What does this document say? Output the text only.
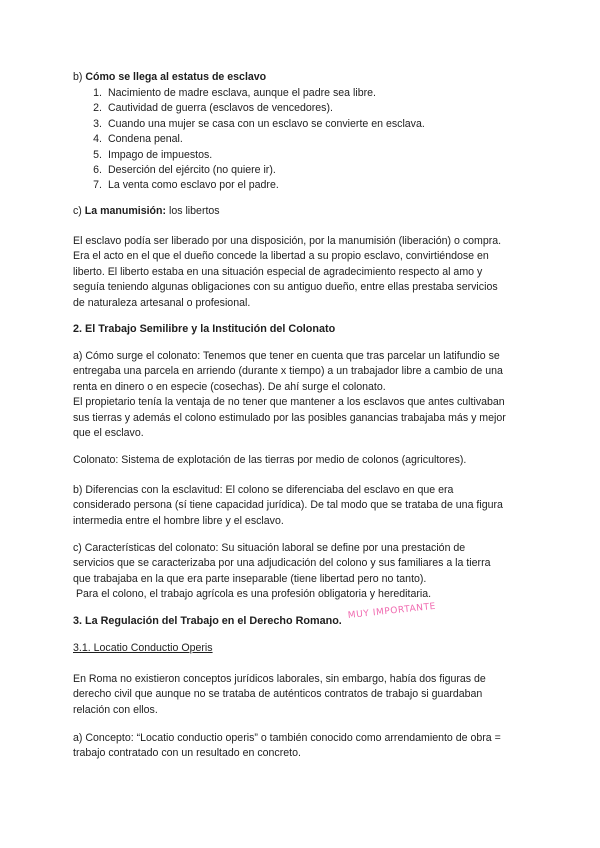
b) Cómo se llega al estatus de esclavo

1. Nacimiento de madre esclava, aunque el padre sea libre.
2. Cautividad de guerra (esclavos de vencedores).
3. Cuando una mujer se casa con un esclavo se convierte en esclava.
4. Condena penal.
5. Impago de impuestos.
6. Deserción del ejército (no quiere ir).
7. La venta como esclavo por el padre.

c) La manumisión: los libertos

El esclavo podía ser liberado por una disposición, por la manumisión (liberación) o compra.
Era el acto en el que el dueño concede la libertad a su propio esclavo, convirtiéndose en
liberto. El liberto estaba en una situación especial de agradecimiento respecto al amo y
seguía teniendo algunas obligaciones con su antiguo dueño, entre ellas prestaba servicios
de naturaleza artesanal o profesional.

2. El Trabajo Semilibre y la Institución del Colonato

a) Cómo surge el colonato: Tenemos que tener en cuenta que tras parcelar un latifundio se
entregaba una parcela en arriendo (durante x tiempo) a un trabajador libre a cambio de una
renta en dinero o en especie (cosechas). De ahí surge el colonato.
El propietario tenía la ventaja de no tener que mantener a los esclavos que antes cultivaban
sus tierras y además el colono estimulado por las posibles ganancias trabajaba más y mejor
que el esclavo.

Colonato: Sistema de explotación de las tierras por medio de colonos (agricultores).

b) Diferencias con la esclavitud: El colono se diferenciaba del esclavo en que era
considerado persona (sí tiene capacidad jurídica). De tal modo que se trataba de una figura
intermedia entre el hombre libre y el esclavo.
c) Características del colonato: Su situación laboral se define por una prestación de
servicios que se caracterizaba por una adjudicación del colono y sus familiares a la tierra
que trabajaba en la que era parte inseparable (tiene libertad pero no tanto).
Para el colono, el trabajo agrícola es una profesión obligatoria y hereditaria.

3. La Regulación del Trabajo en el Derecho Romano.

MUY IMPORTANTE

3.1. Locatio Conductio Operis

En Roma no existieron conceptos jurídicos laborales, sin embargo, había dos figuras de
derecho civil que aunque no se trataba de auténticos contratos de trabajo si guardaban
relación con ellos.
a) Concepto: “Locatio conductio operis” o también conocido como arrendamiento de obra =
trabajo contratado con un resultado en concreto.
